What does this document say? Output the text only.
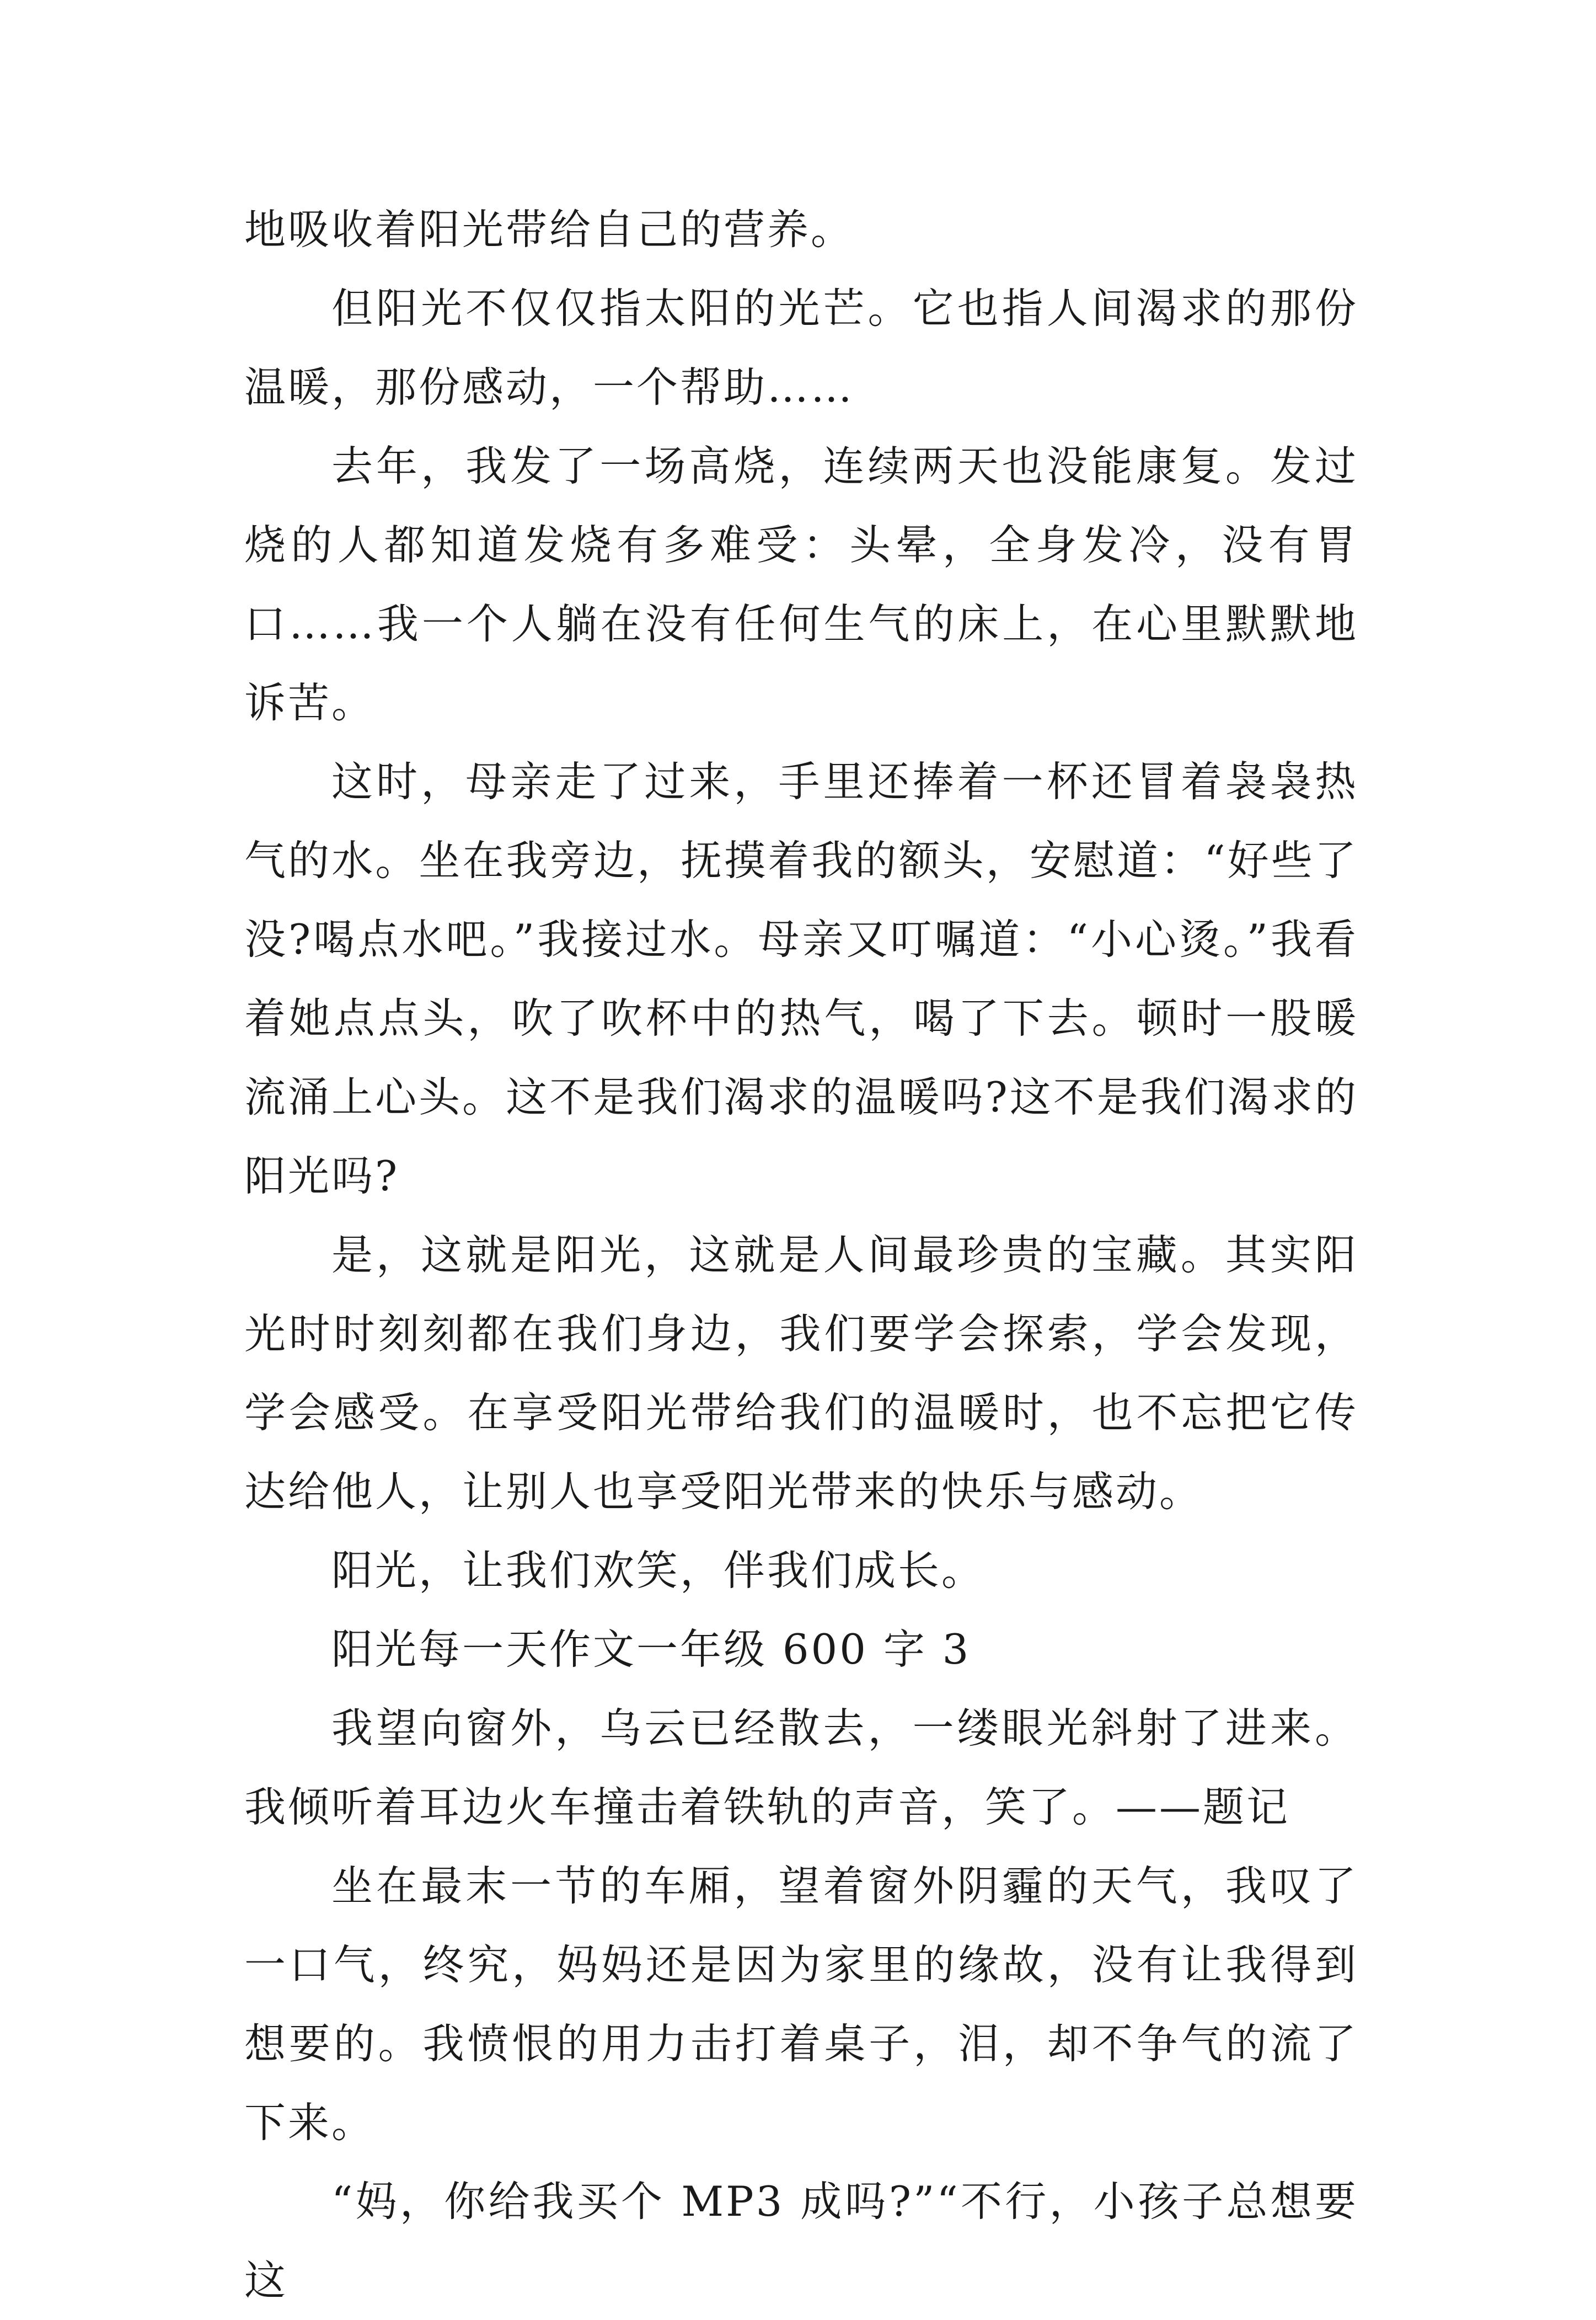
地吸收着阳光带给自己的营养。

但阳光不仅仅指太阳的光芒。它也指人间渴求的那份温暖，那份感动，一个帮助……

去年，我发了一场高烧，连续两天也没能康复。发过烧的人都知道发烧有多难受：头晕，全身发冷，没有胃口……我一个人躺在没有任何生气的床上，在心里默默地诉苦。

这时，母亲走了过来，手里还捧着一杯还冒着袅袅热气的水。坐在我旁边，抚摸着我的额头，安慰道：“好些了没?喝点水吧。”我接过水。母亲又叮嘱道：“小心烫。”我看着她点点头，吹了吹杯中的热气，喝了下去。顿时一股暖流涌上心头。这不是我们渴求的温暖吗?这不是我们渴求的阳光吗?

是，这就是阳光，这就是人间最珍贵的宝藏。其实阳光时时刻刻都在我们身边，我们要学会探索，学会发现，学会感受。在享受阳光带给我们的温暖时，也不忘把它传达给他人，让别人也享受阳光带来的快乐与感动。

阳光，让我们欢笑，伴我们成长。

阳光每一天作文一年级 600 字 3

我望向窗外，乌云已经散去，一缕眼光斜射了进来。我倾听着耳边火车撞击着铁轨的声音，笑了。——题记

坐在最末一节的车厢，望着窗外阴霾的天气，我叹了一口气，终究，妈妈还是因为家里的缘故，没有让我得到想要的。我愤恨的用力击打着桌子，泪，却不争气的流了下来。

“妈，你给我买个 MP3 成吗?”“不行，小孩子总想要这
